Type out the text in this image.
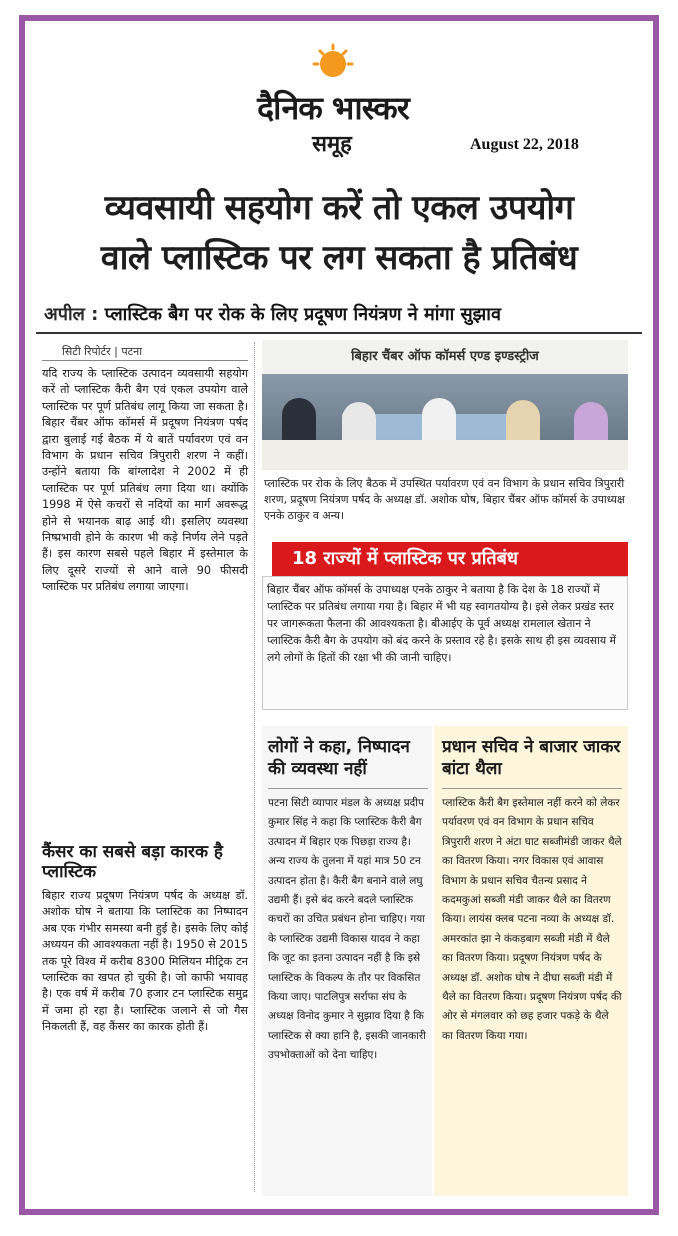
दैनिक भास्कर
समूह	August 22, 2018
व्यवसायी सहयोग करें तो एकल उपयोग
वाले प्लास्टिक पर लग सकता है प्रतिबंध
अपील : प्लास्टिक बैग पर रोक के लिए प्रदूषण नियंत्रण ने मांगा सुझाव
सिटी रिपोर्टर | पटना

यदि राज्य के प्लास्टिक उत्पादन व्यवसायी सहयोग करें तो प्लास्टिक कैरी बैग एवं एकल उपयोग वाले प्लास्टिक पर पूर्ण प्रतिबंध लागू किया जा सकता है। बिहार चैंबर ऑफ कॉमर्स में प्रदूषण नियंत्रण पर्षद द्वारा बुलाई गई बैठक में ये बातें पर्यावरण एवं वन विभाग के प्रधान सचिव त्रिपुरारी शरण ने कहीं। उन्होंने बताया कि बांग्लादेश ने 2002 में ही प्लास्टिक पर पूर्ण प्रतिबंध लगा दिया था। क्योंकि 1998 में ऐसे कचरों से नदियों का मार्ग अवरूद्ध होने से भयानक बाढ़ आई थी। इसलिए व्यवस्था निष्प्रभावी होने के कारण भी कड़े निर्णय लेने पड़ते हैं। इस कारण सबसे पहले बिहार में इस्तेमाल के लिए दूसरे राज्यों से आने वाले 90 फीसदी प्लास्टिक पर प्रतिबंध लगाया जाएगा।

कैंसर का सबसे बड़ा कारक है प्लास्टिक

बिहार राज्य प्रदूषण नियंत्रण पर्षद के अध्यक्ष डॉ. अशोक घोष ने बताया कि प्लास्टिक का निष्पादन अब एक गंभीर समस्या बनी हुई है। इसके लिए कोई अध्ययन की आवश्यकता नहीं है। 1950 से 2015 तक पूरे विश्व में करीब 8300 मिलियन मीट्रिक टन प्लास्टिक का खपत हो चुकी है। जो काफी भयावह है। एक वर्ष में करीब 70 हजार टन प्लास्टिक समुद्र में जमा हो रहा है। प्लास्टिक जलाने से जो गैस निकलती हैं, वह कैंसर का कारक होती हैं।

बिहार चैंबर ऑफ कॉमर्स एण्ड इण्डस्ट्रीज
प्लास्टिक पर रोक के लिए बैठक में उपस्थित पर्यावरण एवं वन विभाग के प्रधान सचिव त्रिपुरारी शरण, प्रदूषण नियंत्रण पर्षद के अध्यक्ष डॉ. अशोक घोष, बिहार चैंबर ऑफ कॉमर्स के उपाध्यक्ष एनके ठाकुर व अन्य।
18 राज्यों में प्लास्टिक पर प्रतिबंध
बिहार चैंबर ऑफ कॉमर्स के उपाध्यक्ष एनके ठाकुर ने बताया है कि देश के 18 राज्यों में प्लास्टिक पर प्रतिबंध लगाया गया है। बिहार में भी यह स्वागतयोग्य है। इसे लेकर प्रखंड स्तर पर जागरूकता फैलना की आवश्यकता है। बीआईए के पूर्व अध्यक्ष रामलाल खेतान ने प्लास्टिक कैरी बैग के उपयोग को बंद करने के प्रस्ताव रहे है। इसके साथ ही इस व्यवसाय में लगे लोगों के हितों की रक्षा भी की जानी चाहिए।
लोगों ने कहा, निष्पादन की व्यवस्था नहीं
पटना सिटी व्यापार मंडल के अध्यक्ष प्रदीप कुमार सिंह ने कहा कि प्लास्टिक कैरी बैग उत्पादन में बिहार एक पिछड़ा राज्य है। अन्य राज्य के तुलना में यहां मात्र 50 टन उत्पादन होता है। कैरी बैग बनाने वाले लघु उद्यमी हैं। इसे बंद करने बदले प्लास्टिक कचरों का उचित प्रबंधन होना चाहिए। गया के प्लास्टिक उद्यमी विकास यादव ने कहा कि जूट का इतना उत्पादन नहीं है कि इसे प्लास्टिक के विकल्प के तौर पर विकसित किया जाए। पाटलिपुत्र सर्राफा संघ के अध्यक्ष विनोद कुमार ने सुझाव दिया है कि प्लास्टिक से क्या हानि है, इसकी जानकारी उपभोक्ताओं को देना चाहिए।
प्रधान सचिव ने बाजार जाकर बांटा थैला
प्लास्टिक कैरी बैग इस्तेमाल नहीं करने को लेकर पर्यावरण एवं वन विभाग के प्रधान सचिव त्रिपुरारी शरण ने अंटा घाट सब्जीमंडी जाकर थैले का वितरण किया। नगर विकास एवं आवास विभाग के प्रधान सचिव चैतन्य प्रसाद ने कदमकुआं सब्जी मंडी जाकर थैले का वितरण किया। लायंस क्लब पटना नव्या के अध्यक्ष डॉ. अमरकांत झा ने कंकड़बाग सब्जी मंडी में थैले का वितरण किया। प्रदूषण नियंत्रण पर्षद के अध्यक्ष डॉ. अशोक घोष ने दीघा सब्जी मंडी में थैले का वितरण किया। प्रदूषण नियंत्रण पर्षद की ओर से मंगलवार को छह हजार पकड़े के थैले का वितरण किया गया।
